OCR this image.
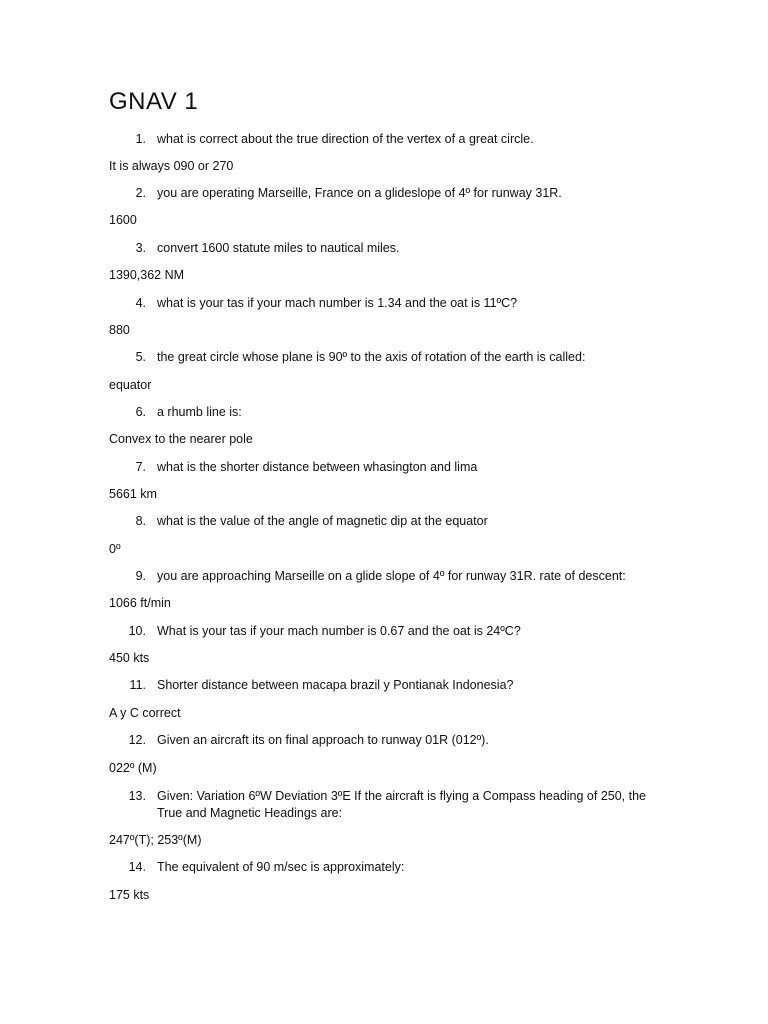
GNAV 1
1. what is correct about the true direction of the vertex of a great circle.
It is always 090 or 270
2. you are operating Marseille, France on a glideslope of 4º for runway 31R.
1600
3. convert 1600 statute miles to nautical miles.
1390,362 NM
4. what is your tas if your mach number is 1.34 and the oat is 11ºC?
880
5. the great circle whose plane is 90º to the axis of rotation of the earth is called:
equator
6. a rhumb line is:
Convex to the nearer pole
7. what is the shorter distance between whasington and lima
5661 km
8. what is the value of the angle of magnetic dip at the equator
0º
9. you are approaching Marseille on a glide slope of 4º for runway 31R. rate of descent:
1066 ft/min
10. What is your tas if your mach number is 0.67 and the oat is 24ºC?
450 kts
11. Shorter distance between macapa brazil y Pontianak Indonesia?
A y C correct
12. Given an aircraft its on final approach to runway 01R (012º).
022º (M)
13. Given: Variation 6ºW Deviation 3ºE If the aircraft is flying a Compass heading of 250, the True and Magnetic Headings are:
247º(T); 253º(M)
14. The equivalent of 90 m/sec is approximately:
175 kts
